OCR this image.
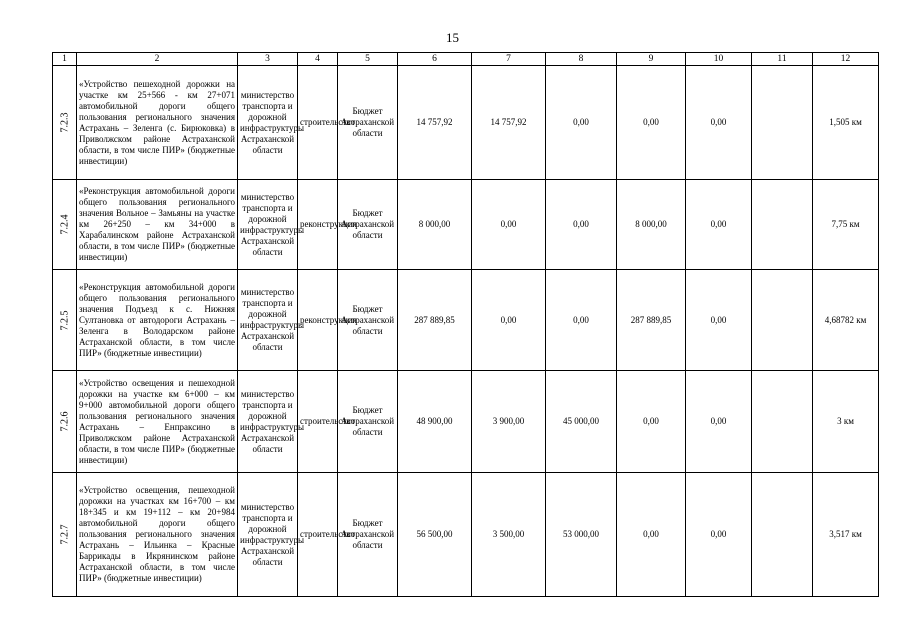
15
1	2	3	4	5	6	7	8	9	10	11	12
7.2.3	«Устройство пешеходной дорожки на участке км 25+566 - км 27+071 автомобильной дороги общего пользования регионального значения Астрахань – Зеленга (с. Бирюковка) в Приволжском районе Астраханской области, в том числе ПИР» (бюджетные инвестиции)	министерство транспорта и дорожной инфраструктуры Астраханской области	строительство	Бюджет Астраханской области	14 757,92	14 757,92	0,00	0,00	0,00		1,505 км
7.2.4	«Реконструкция автомобильной дороги общего пользования регионального значения Вольное – Замьяны на участке км 26+250 – км 34+000 в Харабалинском районе Астраханской области, в том числе ПИР» (бюджетные инвестиции)	министерство транспорта и дорожной инфраструктуры Астраханской области	реконструкция	Бюджет Астраханской области	8 000,00	0,00	0,00	8 000,00	0,00		7,75 км
7.2.5	«Реконструкция автомобильной дороги общего пользования регионального значения Подъезд к с. Нижняя Султановка от автодороги Астрахань – Зеленга в Володарском районе Астраханской области, в том числе ПИР» (бюджетные инвестиции)	министерство транспорта и дорожной инфраструктуры Астраханской области	реконструкция	Бюджет Астраханской области	287 889,85	0,00	0,00	287 889,85	0,00		4,68782 км
7.2.6	«Устройство освещения и пешеходной дорожки на участке км 6+000 – км 9+000 автомобильной дороги общего пользования регионального значения Астрахань – Енпраксино в Приволжском районе Астраханской области, в том числе ПИР» (бюджетные инвестиции)	министерство транспорта и дорожной инфраструктуры Астраханской области	строительство	Бюджет Астраханской области	48 900,00	3 900,00	45 000,00	0,00	0,00		3 км
7.2.7	«Устройство освещения, пешеходной дорожки на участках км 16+700 – км 18+345 и км 19+112 – км 20+984 автомобильной дороги общего пользования регионального значения Астрахань – Ильинка – Красные Баррикады в Икрянинском районе Астраханской области, в том числе ПИР» (бюджетные инвестиции)	министерство транспорта и дорожной инфраструктуры Астраханской области	строительство	Бюджет Астраханской области	56 500,00	3 500,00	53 000,00	0,00	0,00		3,517 км
